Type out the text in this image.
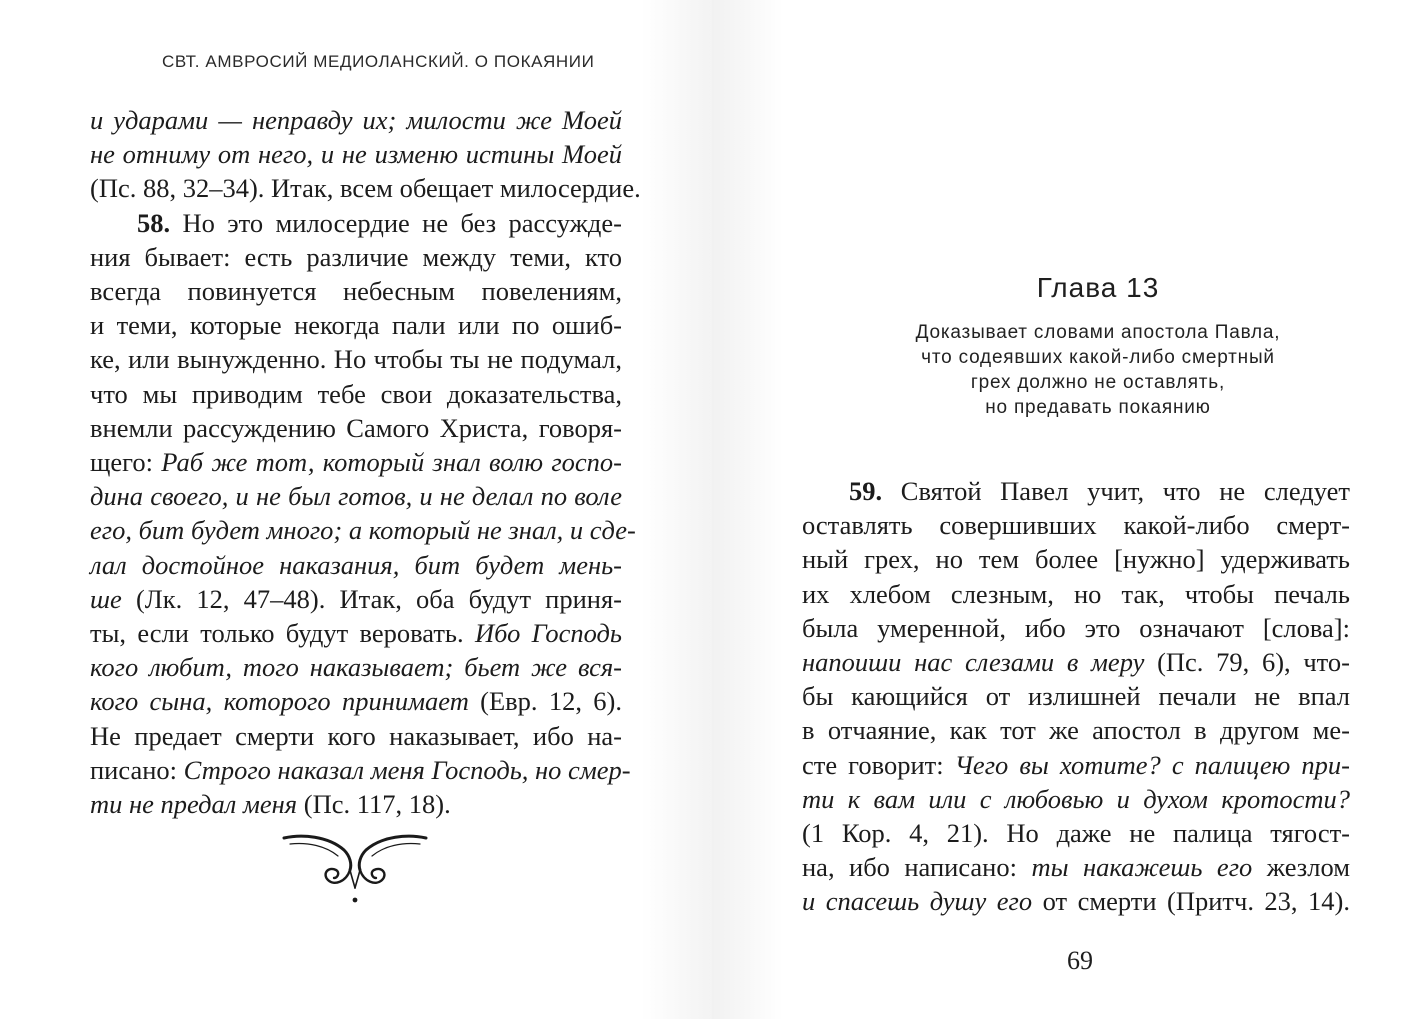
СВТ. АМВРОСИЙ МЕДИОЛАНСКИЙ. О ПОКАЯНИИ
и ударами — неправду их; милости же Моей
не отниму от него, и не изменю истины Моей
(Пс. 88, 32–34). Итак, всем обещает милосердие.
58. Но это милосердие не без рассужде-
ния бывает: есть различие между теми, кто
всегда повинуется небесным повелениям,
и теми, которые некогда пали или по ошиб-
ке, или вынужденно. Но чтобы ты не подумал,
что мы приводим тебе свои доказательства,
внемли рассуждению Самого Христа, говоря-
щего: Раб же тот, который знал волю госпо-
дина своего, и не был готов, и не делал по воле
его, бит будет много; а который не знал, и сде-
лал достойное наказания, бит будет мень-
ше (Лк. 12, 47–48). Итак, оба будут приня-
ты, если только будут веровать. Ибо Господь
кого любит, того наказывает; бьет же вся-
кого сына, которого принимает (Евр. 12, 6).
Не предает смерти кого наказывает, ибо на-
писано: Строго наказал меня Господь, но смер-
ти не предал меня (Пс. 117, 18).
Глава 13
Доказывает словами апостола Павла,
что содеявших какой-либо смертный
грех должно не оставлять,
но предавать покаянию
59. Святой Павел учит, что не следует
оставлять совершивших какой-либо смерт-
ный грех, но тем более [нужно] удерживать
их хлебом слезным, но так, чтобы печаль
была умеренной, ибо это означают [слова]:
напоиши нас слезами в меру (Пс. 79, 6), что-
бы кающийся от излишней печали не впал
в отчаяние, как тот же апостол в другом ме-
сте говорит: Чего вы хотите? с палицею при-
ти к вам или с любовью и духом кротости?
(1 Кор. 4, 21). Но даже не палица тягост-
на, ибо написано: ты накажешь его жезлом
и спасешь душу его от смерти (Притч. 23, 14).
69
